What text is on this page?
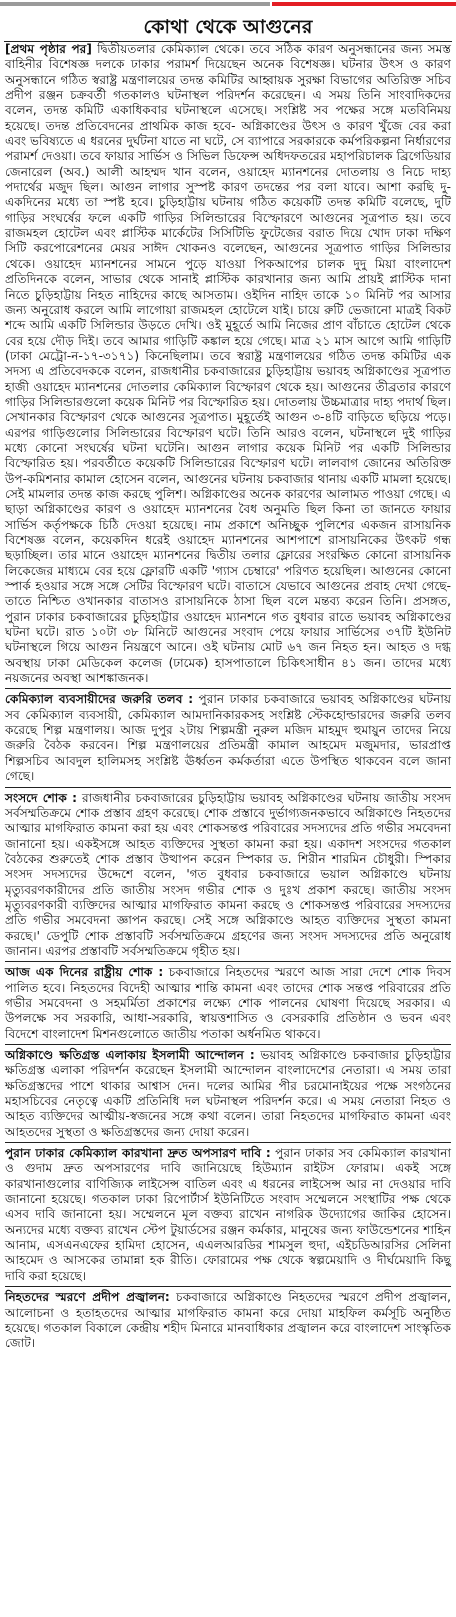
কোথা থেকে আগুনের

[প্রথম পৃষ্ঠার পর] দ্বিতীয়তলার কেমিক্যাল থেকে। তবে সঠিক কারণ অনুসন্ধানের জন্য সমস্ত বাহিনীর বিশেষজ্ঞ দলকে ঢাকার পরামর্শ দিয়েছেন অনেক বিশেষজ্ঞ। ঘটনার উৎস ও কারণ অনুসন্ধানে গঠিত স্বরাষ্ট্র মন্ত্রণালয়ের তদন্ত কমিটির আহ্বায়ক সুরক্ষা বিভাগের অতিরিক্ত সচিব প্রদীপ রঞ্জন চক্রবর্তী গতকালও ঘটনাস্থল পরিদর্শন করেছেন। এ সময় তিনি সাংবাদিকদের বলেন, তদন্ত কমিটি একাধিকবার ঘটনাস্থলে এসেছে। সংশ্লিষ্ট সব পক্ষের সঙ্গে মতবিনিময় হয়েছে। তদন্ত প্রতিবেদনের প্রাথমিক কাজ হবে- অগ্নিকাণ্ডের উৎস ও কারণ খুঁজে বের করা এবং ভবিষ্যতে এ ধরনের দুর্ঘটনা যাতে না ঘটে, সে ব্যাপারে সরকারকে কর্মপরিকল্পনা নির্ধারণের পরামর্শ দেওয়া। তবে ফায়ার সার্ভিস ও সিভিল ডিফেন্স অধিদফতরের মহাপরিচালক ব্রিগেডিয়ার জেনারেল (অব.) আলী আহম্মদ খান বলেন, ওয়াহেদ ম্যানশনের দোতলায় ও নিচে দাহ্য পদার্থের মজুদ ছিল। আগুন লাগার সুস্পষ্ট কারণ তদন্তের পর বলা যাবে। আশা করছি দু-একদিনের মধ্যে তা স্পষ্ট হবে। চুড়িহাট্টায় ঘটনায় গঠিত কয়েকটি তদন্ত কমিটি বলেছে, দুটি গাড়ির সংঘর্ষের ফলে একটি গাড়ির সিলিন্ডারের বিস্ফোরণে আগুনের সূত্রপাত হয়। তবে রাজমহল হোটেল এবং প্লাস্টিক মার্কেটের সিসিটিভি ফুটেজের বরাত দিয়ে খোদ ঢাকা দক্ষিণ সিটি করপোরেশনের মেয়র সাঈদ খোকনও বলেছেন, আগুনের সূত্রপাত গাড়ির সিলিন্ডার থেকে। ওয়াহেদ ম্যানশনের সামনে পুড়ে যাওয়া পিকআপের চালক দুদু মিয়া বাংলাদেশ প্রতিদিনকে বলেন, সাভার থেকে সানাই প্লাস্টিক কারখানার জন্য আমি প্রায়ই প্লাস্টিক দানা নিতে চুড়িহাট্টায় নিহত নাহিদের কাছে আসতাম। ওইদিন নাহিদ তাকে ১০ মিনিট পর আসার জন্য অনুরোধ করলে আমি লাগোয়া রাজমহল হোটেলে যাই। চায়ে রুটি ভেজানো মাত্রই বিকট শব্দে আমি একটি সিলিন্ডার উড়তে দেখি। ওই মুহূর্তে আমি নিজের প্রাণ বাঁচাতে হোটেল থেকে বের হয়ে দৌড় দিই। তবে আমার গাড়িটি কঙ্কাল হয়ে গেছে। মাত্র ২১ মাস আগে আমি গাড়িটি (ঢাকা মেট্রো-ন-১৭-৩১৭১) কিনেছিলাম। তবে স্বরাষ্ট্র মন্ত্রণালয়ের গঠিত তদন্ত কমিটির এক সদস্য এ প্রতিবেদককে বলেন, রাজধানীর চকবাজারের চুড়িহাট্টায় ভয়াবহ অগ্নিকাণ্ডের সূত্রপাত হাজী ওয়াহেদ ম্যানশনের দোতলার কেমিক্যাল বিস্ফোরণ থেকে হয়। আগুনের তীব্রতার কারণে গাড়ির সিলিন্ডারগুলো কয়েক মিনিট পর বিস্ফোরিত হয়। দোতলায় উচ্চমাত্রার দাহ্য পদার্থ ছিল। সেখানকার বিস্ফোরণ থেকে আগুনের সূত্রপাত। মুহূর্তেই আগুন ৩-৪টি বাড়িতে ছড়িয়ে পড়ে। এরপর গাড়িগুলোর সিলিন্ডারের বিস্ফোরণ ঘটে। তিনি আরও বলেন, ঘটনাস্থলে দুই গাড়ির মধ্যে কোনো সংঘর্ষের ঘটনা ঘটেনি। আগুন লাগার কয়েক মিনিট পর একটি সিলিন্ডার বিস্ফোরিত হয়। পরবর্তীতে কয়েকটি সিলিন্ডারের বিস্ফোরণ ঘটে। লালবাগ জোনের অতিরিক্ত উপ-কমিশনার কামাল হোসেন বলেন, আগুনের ঘটনায় চকবাজার থানায় একটি মামলা হয়েছে। সেই মামলার তদন্ত কাজ করছে পুলিশ। অগ্নিকাণ্ডের অনেক কারণের আলামত পাওয়া গেছে। এ ছাড়া অগ্নিকাণ্ডের কারণ ও ওয়াহেদ ম্যানশনের বৈধ অনুমতি ছিল কিনা তা জানতে ফায়ার সার্ভিস কর্তৃপক্ষকে চিঠি দেওয়া হয়েছে। নাম প্রকাশে অনিচ্ছুক পুলিশের একজন রাসায়নিক বিশেষজ্ঞ বলেন, কয়েকদিন ধরেই ওয়াহেদ ম্যানশনের আশপাশে রাসায়নিকের উৎকট গন্ধ ছড়াচ্ছিল। তার মানে ওয়াহেদ ম্যানশনের দ্বিতীয় তলার ফ্লোরের সংরক্ষিত কোনো রাসায়নিক লিকেজের মাধ্যমে বের হয়ে ফ্লোরটি একটি 'গ্যাস চেম্বারে' পরিণত হয়েছিল। আগুনের কোনো স্পার্ক হওয়ার সঙ্গে সঙ্গে সেটির বিস্ফোরণ ঘটে। বাতাসে যেভাবে আগুনের প্রবাহ দেখা গেছে- তাতে নিশ্চিত ওখানকার বাতাসও রাসায়নিকে ঠাসা ছিল বলে মন্তব্য করেন তিনি। প্রসঙ্গত, পুরান ঢাকার চকবাজারের চুড়িহাট্টার ওয়াহেদ ম্যানশনে গত বুধবার রাতে ভয়াবহ অগ্নিকাণ্ডের ঘটনা ঘটে। রাত ১০টা ৩৮ মিনিটে আগুনের সংবাদ পেয়ে ফায়ার সার্ভিসের ৩৭টি ইউনিট ঘটনাস্থলে গিয়ে আগুন নিয়ন্ত্রণে আনে। ওই ঘটনায় মোট ৬৭ জন নিহত হন। আহত ও দগ্ধ অবস্থায় ঢাকা মেডিকেল কলেজ (ঢামেক) হাসপাতালে চিকিৎসাধীন ৪১ জন। তাদের মধ্যে নয়জনের অবস্থা আশঙ্কাজনক।

কেমিক্যাল ব্যবসায়ীদের জরুরি তলব : পুরান ঢাকার চকবাজারে ভয়াবহ অগ্নিকাণ্ডের ঘটনায় সব কেমিক্যাল ব্যবসায়ী, কেমিক্যাল আমদানিকারকসহ সংশ্লিষ্ট স্টেকহোল্ডারদের জরুরি তলব করেছে শিল্প মন্ত্রণালয়। আজ দুপুর ২টায় শিল্পমন্ত্রী নুরুল মজিদ মাহমুদ হুমায়ুন তাদের নিয়ে জরুরি বৈঠক করবেন। শিল্প মন্ত্রণালয়ের প্রতিমন্ত্রী কামাল আহমেদ মজুমদার, ভারপ্রাপ্ত শিল্পসচিব আবদুল হালিমসহ সংশ্লিষ্ট ঊর্ধ্বতন কর্মকর্তারা এতে উপস্থিত থাকবেন বলে জানা গেছে।

সংসদে শোক : রাজধানীর চকবাজারের চুড়িহাট্টায় ভয়াবহ অগ্নিকাণ্ডের ঘটনায় জাতীয় সংসদ সর্বসম্মতিক্রমে শোক প্রস্তাব গ্রহণ করেছে। শোক প্রস্তাবে দুর্ভাগ্যজনকভাবে অগ্নিকাণ্ডে নিহতদের আত্মার মাগফিরাত কামনা করা হয় এবং শোকসন্তপ্ত পরিবারের সদস্যদের প্রতি গভীর সমবেদনা জানানো হয়। একইসঙ্গে আহত ব্যক্তিদের সুস্থতা কামনা করা হয়। একাদশ সংসদের গতকাল বৈঠকের শুরুতেই শোক প্রস্তাব উত্থাপন করেন স্পিকার ড. শিরীন শারমিন চৌধুরী। স্পিকার সংসদ সদস্যদের উদ্দেশে বলেন, 'গত বুধবার চকবাজারে ভয়াল অগ্নিকাণ্ডে ঘটনায় মৃত্যুবরণকারীদের প্রতি জাতীয় সংসদ গভীর শোক ও দুঃখ প্রকাশ করছে। জাতীয় সংসদ মৃত্যুবরণকারী ব্যক্তিদের আত্মার মাগফিরাত কামনা করছে ও শোকসন্তপ্ত পরিবারের সদস্যদের প্রতি গভীর সমবেদনা জ্ঞাপন করছে। সেই সঙ্গে অগ্নিকাণ্ডে আহত ব্যক্তিদের সুস্থতা কামনা করছে।' ডেপুটি শোক প্রস্তাবটি সর্বসম্মতিক্রমে গ্রহণের জন্য সংসদ সদস্যদের প্রতি অনুরোধ জানান। এরপর প্রস্তাবটি সর্বসম্মতিক্রমে গৃহীত হয়।

আজ এক দিনের রাষ্ট্রীয় শোক : চকবাজারে নিহতদের স্মরণে আজ সারা দেশে শোক দিবস পালিত হবে। নিহতদের বিদেহী আত্মার শান্তি কামনা এবং তাদের শোক সন্তপ্ত পরিবারের প্রতি গভীর সমবেদনা ও সহমর্মিতা প্রকাশের লক্ষ্যে শোক পালনের ঘোষণা দিয়েছে সরকার। এ উপলক্ষে সব সরকারি, আধা-সরকারি, স্বায়ত্তশাসিত ও বেসরকারি প্রতিষ্ঠান ও ভবন এবং বিদেশে বাংলাদেশ মিশনগুলোতে জাতীয় পতাকা অর্ধনমিত থাকবে।

অগ্নিকাণ্ডে ক্ষতিগ্রস্ত এলাকায় ইসলামী আন্দোলন : ভয়াবহ অগ্নিকাণ্ডে চকবাজার চুড়িহাট্টার ক্ষতিগ্রস্ত এলাকা পরিদর্শন করেছেন ইসলামী আন্দোলন বাংলাদেশের নেতারা। এ সময় তারা ক্ষতিগ্রস্তদের পাশে থাকার আশ্বাস দেন। দলের আমির পীর চরমোনাইয়ের পক্ষে সংগঠনের মহাসচিবের নেতৃত্বে একটি প্রতিনিধি দল ঘটনাস্থল পরিদর্শন করে। এ সময় নেতারা নিহত ও আহত ব্যক্তিদের আত্মীয়-স্বজনের সঙ্গে কথা বলেন। তারা নিহতদের মাগফিরাত কামনা এবং আহতদের সুস্থতা ও ক্ষতিগ্রস্তদের জন্য দোয়া করেন।

পুরান ঢাকার কেমিক্যাল কারখানা দ্রুত অপসারণ দাবি : পুরান ঢাকার সব কেমিক্যাল কারখানা ও গুদাম দ্রুত অপসারণের দাবি জানিয়েছে হিউম্যান রাইটস ফোরাম। একই সঙ্গে কারখানাগুলোর বাণিজ্যিক লাইসেন্স বাতিল এবং এ ধরনের লাইসেন্স আর না দেওয়ার দাবি জানানো হয়েছে। গতকাল ঢাকা রিপোর্টার্স ইউনিটিতে সংবাদ সম্মেলনে সংস্থাটির পক্ষ থেকে এসব দাবি জানানো হয়। সম্মেলনে মূল বক্তব্য রাখেন নাগরিক উদ্যোগের জাকির হোসেন। অন্যদের মধ্যে বক্তব্য রাখেন স্টেপ টুয়ার্ডসের রঞ্জন কর্মকার, মানুষের জন্য ফাউন্ডেশনের শাহিন আনাম, এসএনএফের হামিদা হোসেন, এএলআরডির শামসুল হুদা, এইচডিআরসির সেলিনা আহমেদ ও আসকের তামান্না হক রীতি। ফোরামের পক্ষ থেকে স্বল্পমেয়াদি ও দীর্ঘমেয়াদি কিছু দাবি করা হয়েছে।

নিহতদের স্মরণে প্রদীপ প্রজ্বালন: চকবাজারে অগ্নিকাণ্ডে নিহতদের স্মরণে প্রদীপ প্রজ্বালন, আলোচনা ও হতাহতদের আত্মার মাগফিরাত কামনা করে দোয়া মাহফিল কর্মসূচি অনুষ্ঠিত হয়েছে। গতকাল বিকালে কেন্দ্রীয় শহীদ মিনারে মানবাধিকার প্রজ্বালন করে বাংলাদেশ সাংস্কৃতিক জোট।
